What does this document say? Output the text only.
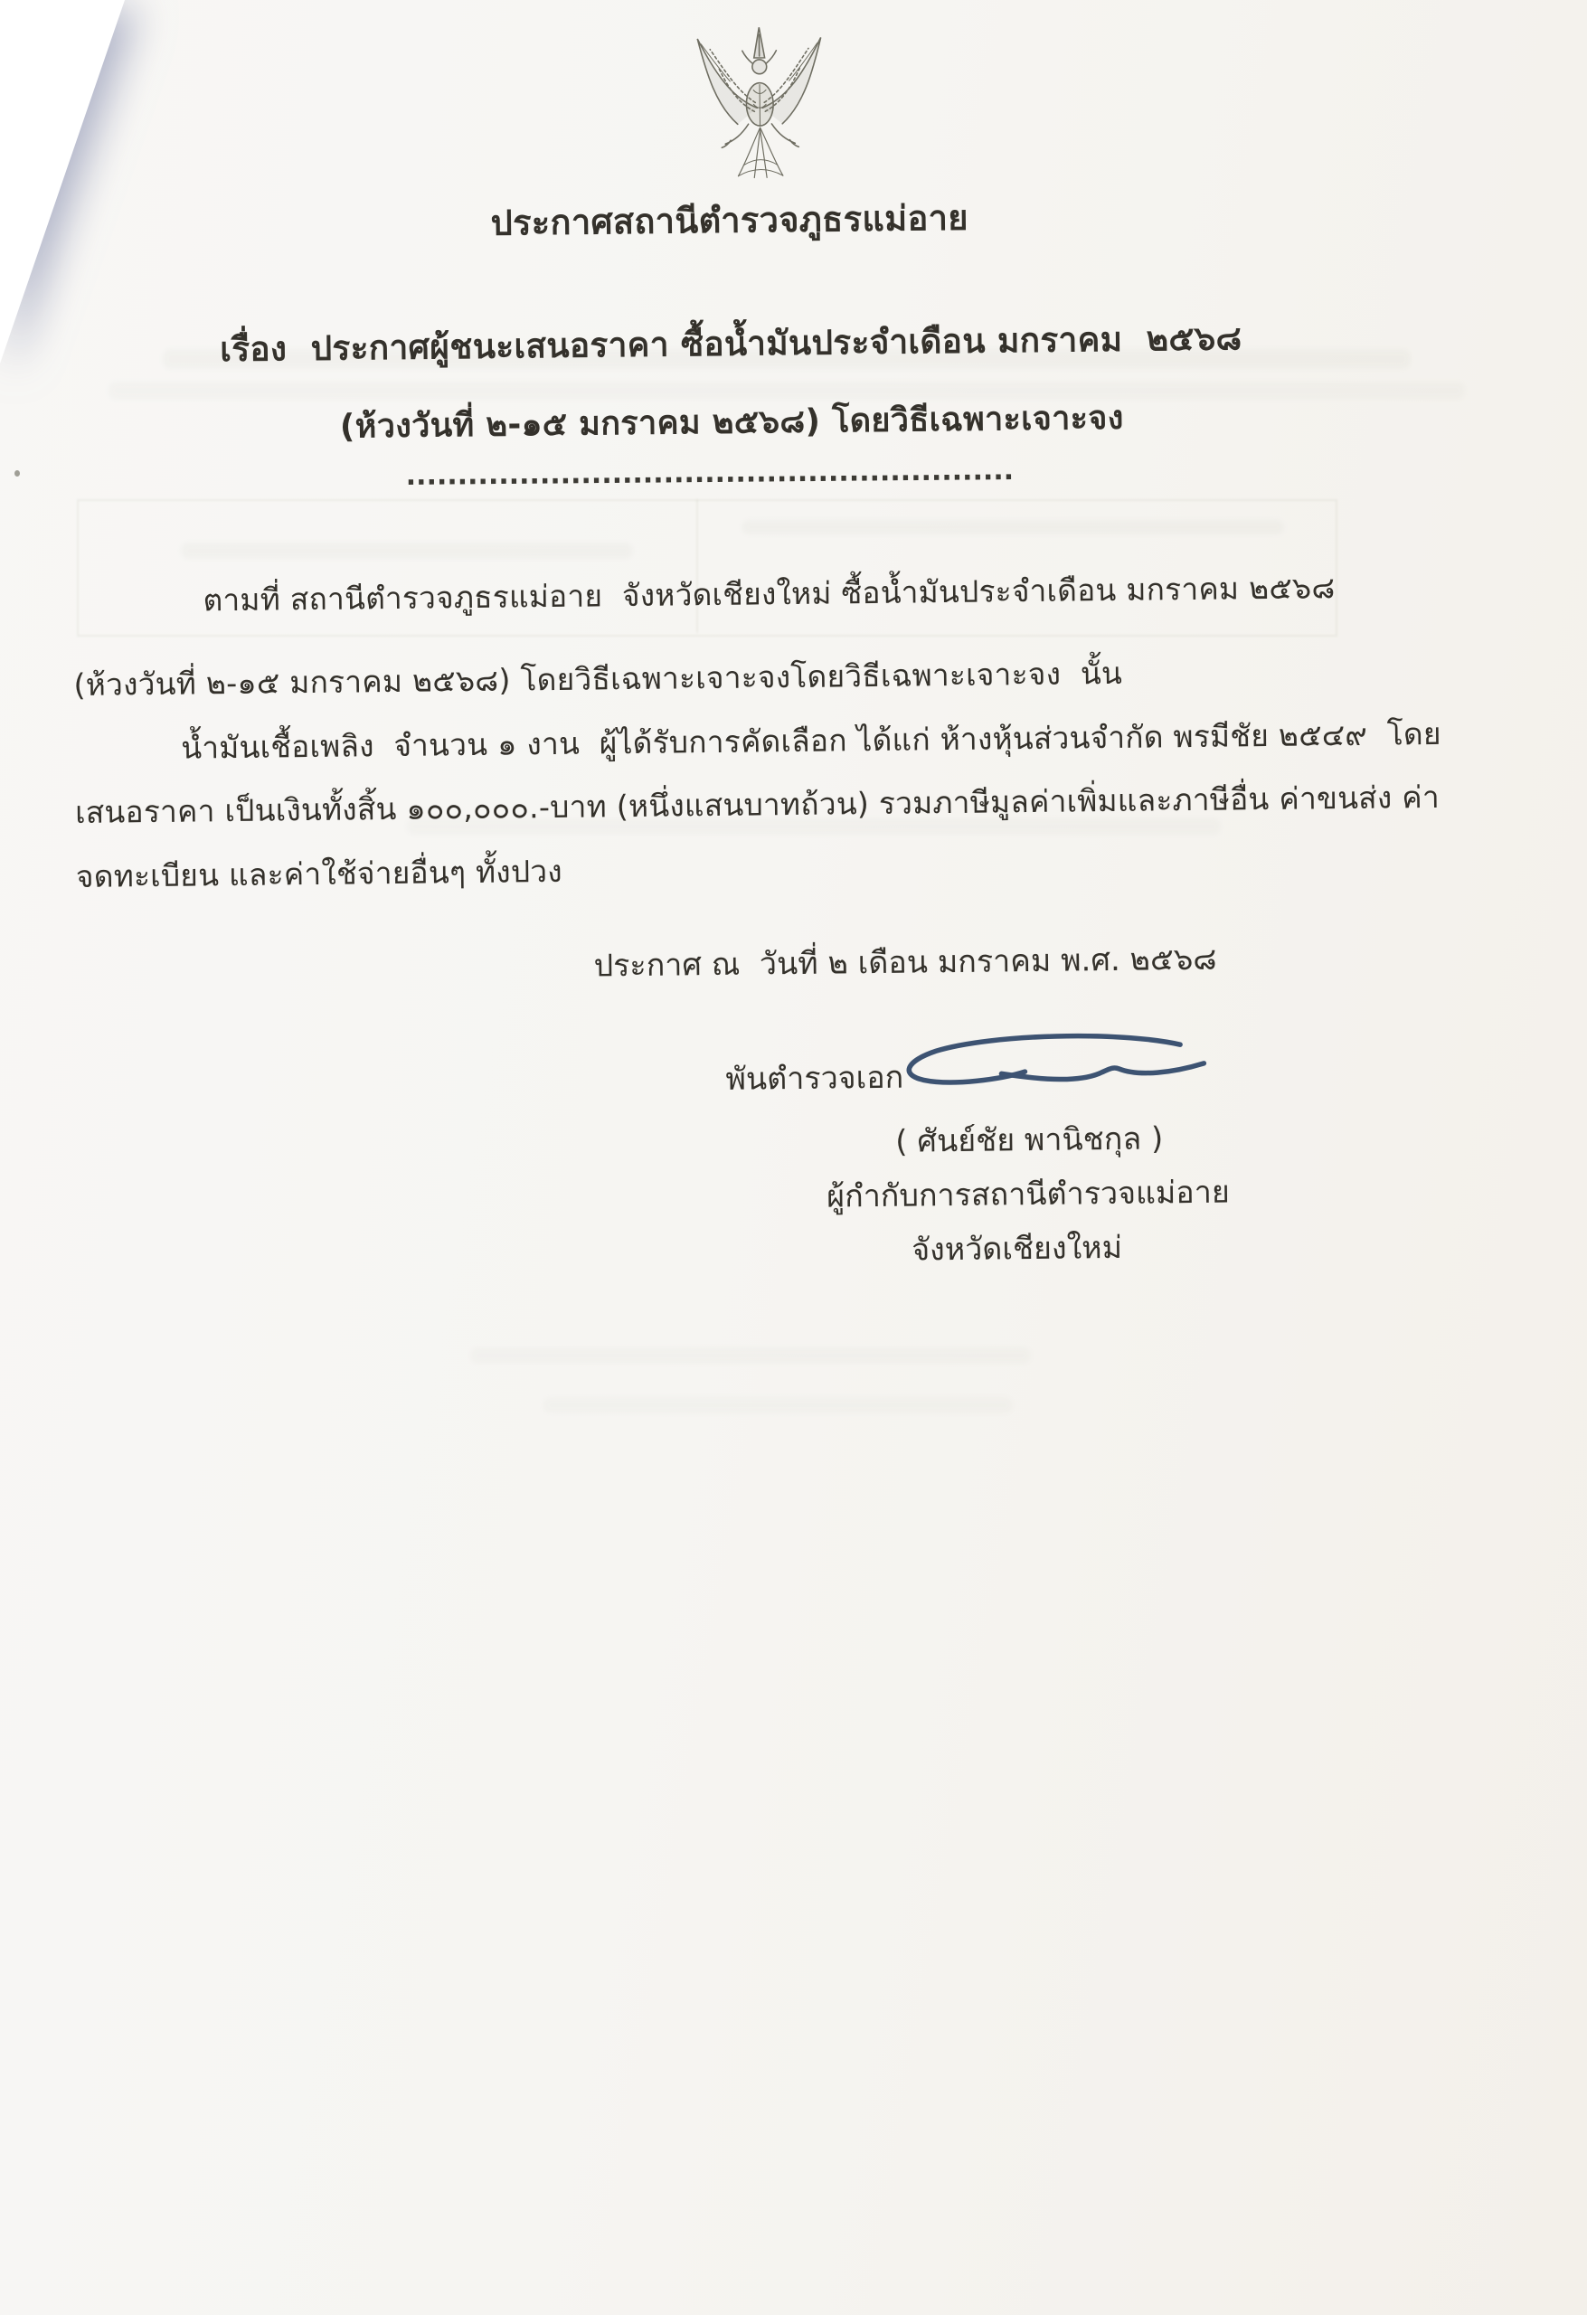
ประกาศสถานีตำรวจภูธรแม่อาย
เรื่อง  ประกาศผู้ชนะเสนอราคา ซื้อน้ำมันประจำเดือน มกราคม  ๒๕๖๘
(ห้วงวันที่ ๒-๑๕ มกราคม ๒๕๖๘) โดยวิธีเฉพาะเจาะจง
...........................................................
ตามที่ สถานีตำรวจภูธรแม่อาย  จังหวัดเชียงใหม่ ซื้อน้ำมันประจำเดือน มกราคม ๒๕๖๘
(ห้วงวันที่ ๒-๑๕ มกราคม ๒๕๖๘) โดยวิธีเฉพาะเจาะจงโดยวิธีเฉพาะเจาะจง  นั้น
น้ำมันเชื้อเพลิง  จำนวน ๑ งาน  ผู้ได้รับการคัดเลือก ได้แก่ ห้างหุ้นส่วนจำกัด พรมีชัย ๒๕๔๙  โดย
เสนอราคา เป็นเงินทั้งสิ้น ๑๐๐,๐๐๐.-บาท (หนึ่งแสนบาทถ้วน) รวมภาษีมูลค่าเพิ่มและภาษีอื่น ค่าขนส่ง ค่า
จดทะเบียน และค่าใช้จ่ายอื่นๆ ทั้งปวง
ประกาศ ณ  วันที่ ๒ เดือน มกราคม พ.ศ. ๒๕๖๘
พันตำรวจเอก
( ศันย์ชัย พานิชกุล )
ผู้กำกับการสถานีตำรวจแม่อาย
จังหวัดเชียงใหม่
